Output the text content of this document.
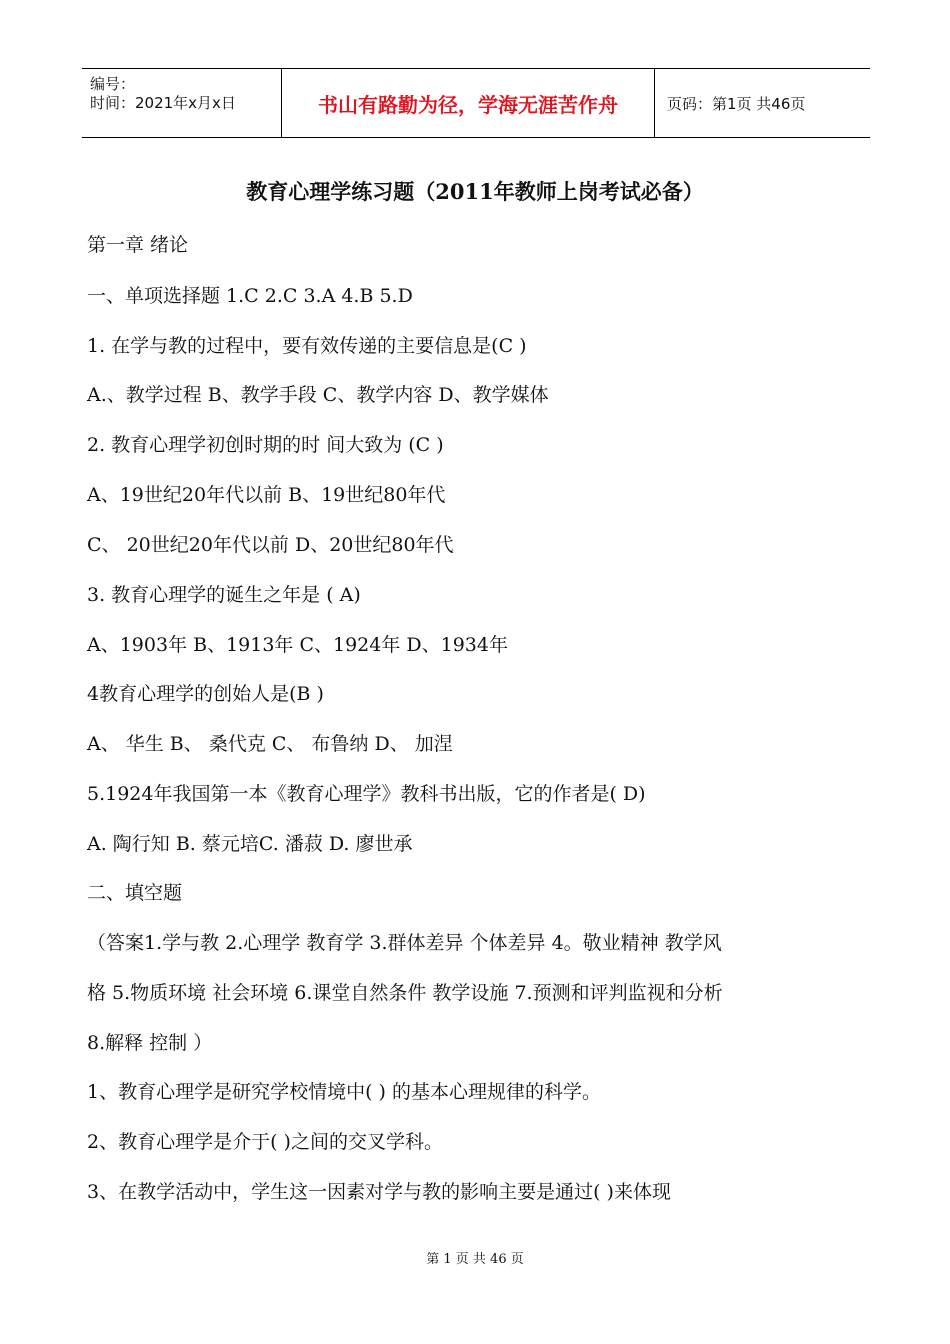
编号：
时间：2021年x月x日	书山有路勤为径，学海无涯苦作舟	页码：第1页 共46页
教育心理学练习题（2011年教师上岗考试必备）
第一章 绪论
一、单项选择题 1.C 2.C 3.A 4.B 5.D
1. 在学与教的过程中，要有效传递的主要信息是(C )
A.、教学过程 B、教学手段 C、教学内容 D、教学媒体
2. 教育心理学初创时期的时 间大致为 (C )
A、19世纪20年代以前 B、19世纪80年代
C、 20世纪20年代以前 D、20世纪80年代
3. 教育心理学的诞生之年是 ( A)
A、1903年 B、1913年 C、1924年 D、1934年
4教育心理学的创始人是(B )
A、 华生 B、 桑代克 C、 布鲁纳 D、 加涅
5.1924年我国第一本《教育心理学》教科书出版，它的作者是( D)
A. 陶行知 B. 蔡元培C. 潘菽 D. 廖世承
二、填空题
（答案1.学与教 2.心理学 教育学 3.群体差异 个体差异 4。敬业精神 教学风
格 5.物质环境 社会环境 6.课堂自然条件 教学设施 7.预测和评判监视和分析
8.解释 控制 ）
1、教育心理学是研究学校情境中( ) 的基本心理规律的科学。
2、教育心理学是介于( )之间的交叉学科。
3、在教学活动中，学生这一因素对学与教的影响主要是通过( )来体现
第 1 页 共 46 页
